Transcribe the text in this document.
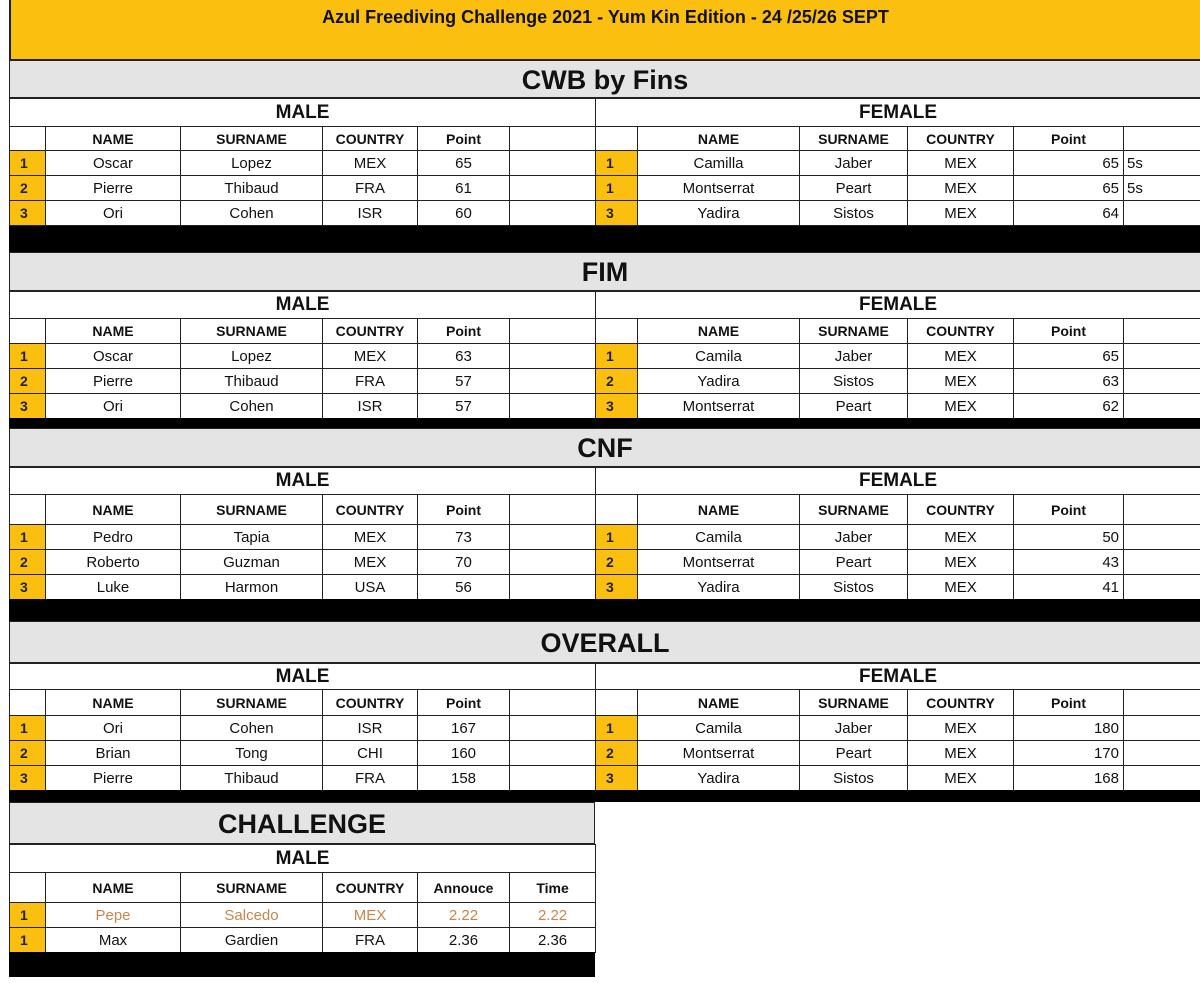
Azul Freediving Challenge 2021 - Yum Kin Edition - 24 /25/26 SEPT
CWB by Fins
MALE					
	NAME	SURNAME	COUNTRY	Point	
1	Oscar	Lopez	MEX	65	
2	Pierre	Thibaud	FRA	61	
3	Ori	Cohen	ISR	60	
FEMALE					
	NAME	SURNAME	COUNTRY	Point	
1	Camilla	Jaber	MEX	65	5s
1	Montserrat	Peart	MEX	65	5s
3	Yadira	Sistos	MEX	64	
FIM
MALE					
	NAME	SURNAME	COUNTRY	Point	
1	Oscar	Lopez	MEX	63	
2	Pierre	Thibaud	FRA	57	
3	Ori	Cohen	ISR	57	
FEMALE					
	NAME	SURNAME	COUNTRY	Point	
1	Camila	Jaber	MEX	65	
2	Yadira	Sistos	MEX	63	
3	Montserrat	Peart	MEX	62	
CNF
MALE					
	NAME	SURNAME	COUNTRY	Point	
1	Pedro	Tapia	MEX	73	
2	Roberto	Guzman	MEX	70	
3	Luke	Harmon	USA	56	
FEMALE					
	NAME	SURNAME	COUNTRY	Point	
1	Camila	Jaber	MEX	50	
2	Montserrat	Peart	MEX	43	
3	Yadira	Sistos	MEX	41	
OVERALL
MALE					
	NAME	SURNAME	COUNTRY	Point	
1	Ori	Cohen	ISR	167	
2	Brian	Tong	CHI	160	
3	Pierre	Thibaud	FRA	158	
FEMALE					
	NAME	SURNAME	COUNTRY	Point	
1	Camila	Jaber	MEX	180	
2	Montserrat	Peart	MEX	170	
3	Yadira	Sistos	MEX	168	
CHALLENGE
MALE					
	NAME	SURNAME	COUNTRY	Annouce	Time
1	Pepe	Salcedo	MEX	2.22	2.22
1	Max	Gardien	FRA	2.36	2.36
